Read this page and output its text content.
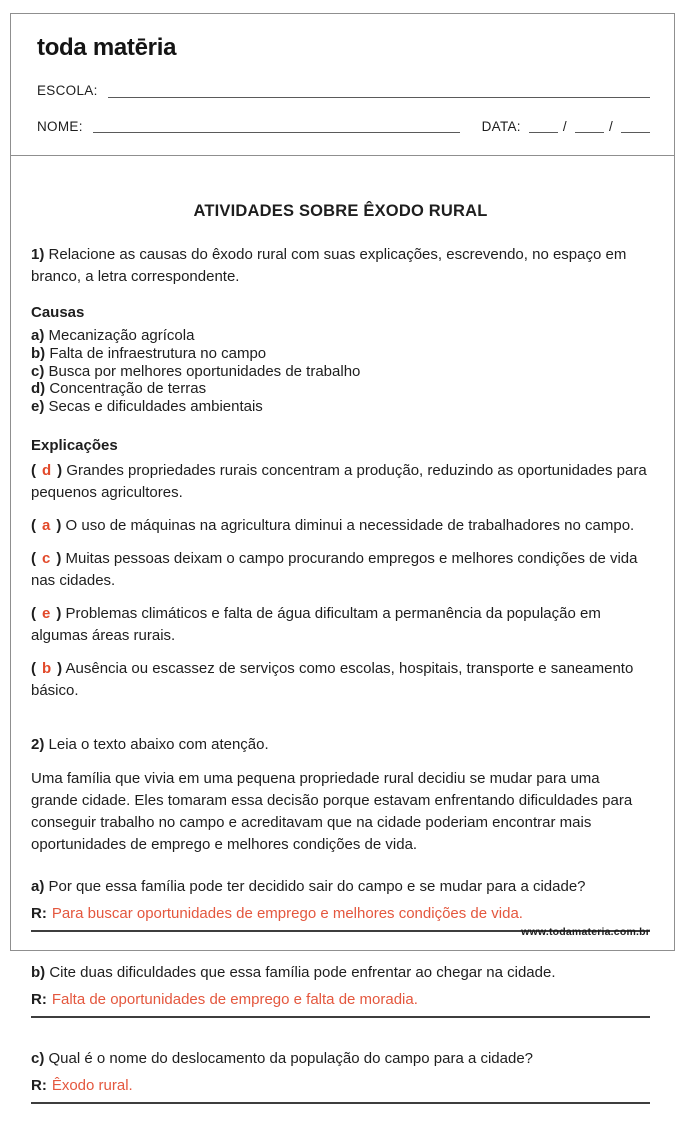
toda matēria
ESCOLA:
NOME:	DATA:	/	/
ATIVIDADES SOBRE ÊXODO RURAL

1) Relacione as causas do êxodo rural com suas explicações, escrevendo, no espaço em branco, a letra correspondente.

Causas
a) Mecanização agrícola
b) Falta de infraestrutura no campo
c) Busca por melhores oportunidades de trabalho
d) Concentração de terras
e) Secas e dificuldades ambientais
Explicações

( d ) Grandes propriedades rurais concentram a produção, reduzindo as oportunidades para pequenos agricultores.

( a ) O uso de máquinas na agricultura diminui a necessidade de trabalhadores no campo.

( c ) Muitas pessoas deixam o campo procurando empregos e melhores condições de vida nas cidades.

( e ) Problemas climáticos e falta de água dificultam a permanência da população em algumas áreas rurais.

( b ) Ausência ou escassez de serviços como escolas, hospitais, transporte e saneamento básico.

2) Leia o texto abaixo com atenção.

Uma família que vivia em uma pequena propriedade rural decidiu se mudar para uma grande cidade. Eles tomaram essa decisão porque estavam enfrentando dificuldades para conseguir trabalho no campo e acreditavam que na cidade poderiam encontrar mais oportunidades de emprego e melhores condições de vida.

a) Por que essa família pode ter decidido sair do campo e se mudar para a cidade?

R: Para buscar oportunidades de emprego e melhores condições de vida.

b) Cite duas dificuldades que essa família pode enfrentar ao chegar na cidade.

R: Falta de oportunidades de emprego e falta de moradia.

c) Qual é o nome do deslocamento da população do campo para a cidade?

R: Êxodo rural.
www.todamateria.com.br
